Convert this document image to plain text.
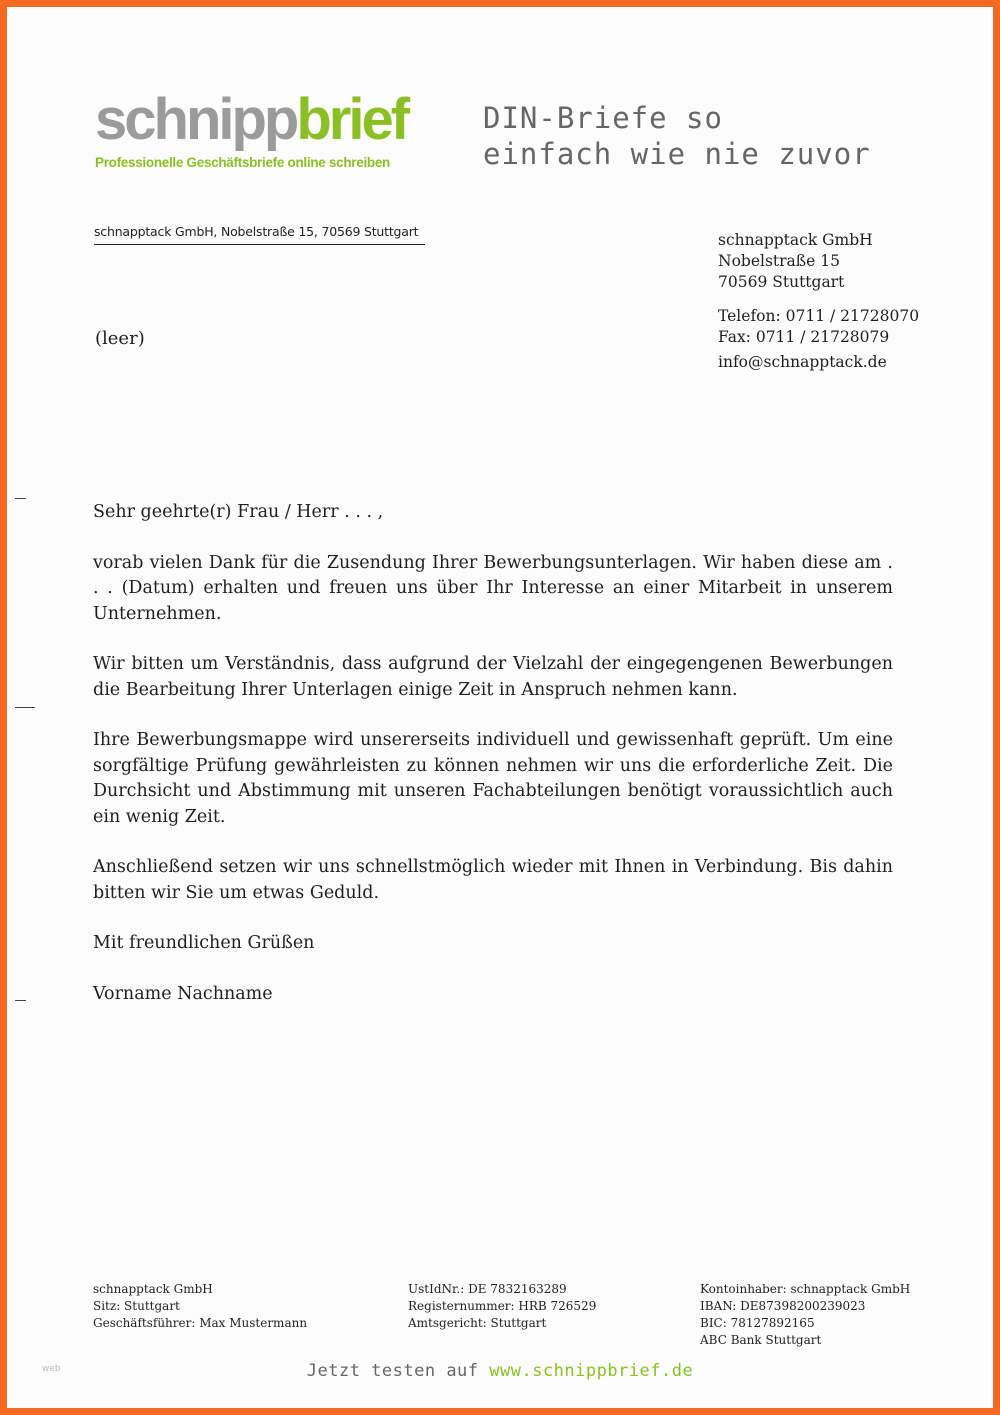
schnippbrief
Professionelle Geschäftsbriefe online schreiben
DIN-Briefe so
einfach wie nie zuvor
schnapptack GmbH, Nobelstraße 15, 70569 Stuttgart
(leer)
schnapptack GmbH
Nobelstraße 15
70569 Stuttgart
Telefon: 0711 / 21728070
Fax: 0711 / 21728079
info@schnapptack.de

Sehr geehrte(r) Frau / Herr . . . ,

vorab vielen Dank für die Zusendung Ihrer Bewerbungsunterlagen. Wir haben diese am . . . (Datum) erhalten und freuen uns über Ihr Interesse an einer Mitarbeit in unserem Unternehmen.

Wir bitten um Verständnis, dass aufgrund der Vielzahl der eingegengenen Bewerbungen die Bearbeitung Ihrer Unterlagen einige Zeit in Anspruch nehmen kann.

Ihre Bewerbungsmappe wird unsererseits individuell und gewissenhaft geprüft. Um eine sorgfältige Prüfung gewährleisten zu können nehmen wir uns die erforderliche Zeit. Die Durchsicht und Abstimmung mit unseren Fachabteilungen benötigt voraussichtlich auch ein wenig Zeit.

Anschließend setzen wir uns schnellstmöglich wieder mit Ihnen in Verbindung. Bis dahin bitten wir Sie um etwas Geduld.

Mit freundlichen Grüßen

Vorname Nachname

schnapptack GmbH
Sitz: Stuttgart
Geschäftsführer: Max Mustermann
UstIdNr.: DE 7832163289
Registernummer: HRB 726529
Amtsgericht: Stuttgart
Kontoinhaber: schnapptack GmbH
IBAN: DE87398200239023
BIC: 78127892165
ABC Bank Stuttgart
web	Jetzt testen auf www.schnippbrief.de
